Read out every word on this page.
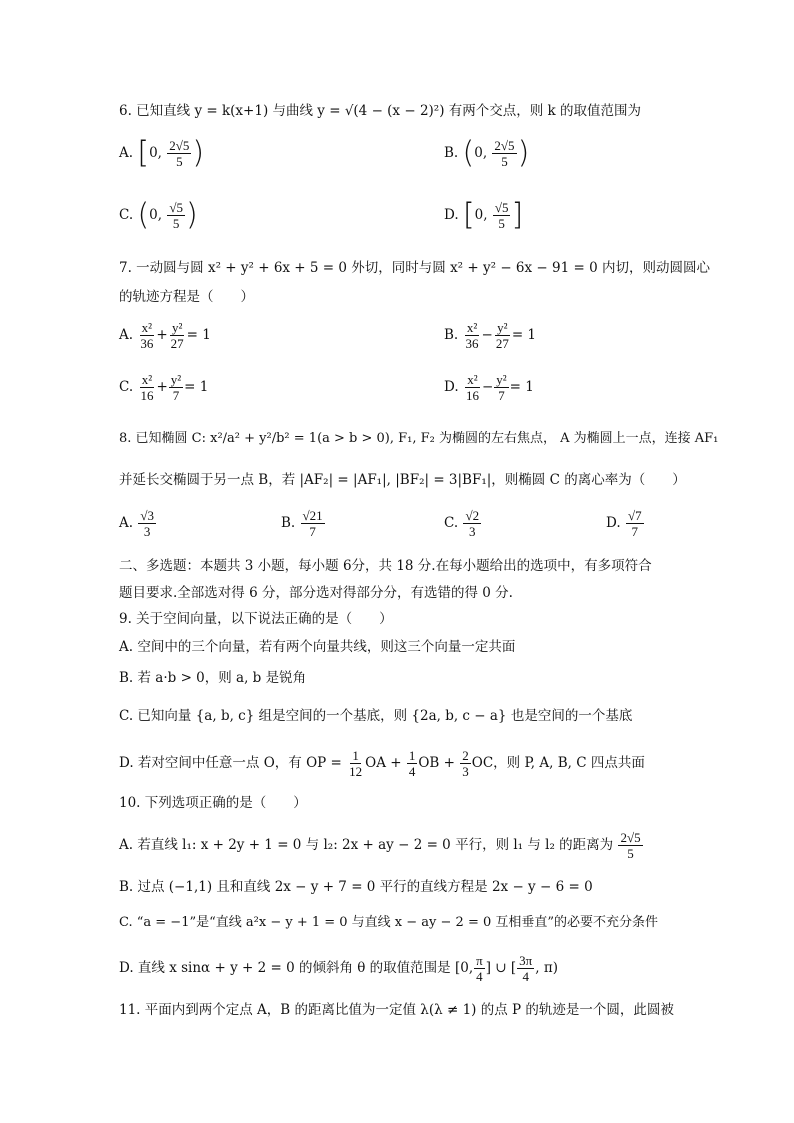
6. 已知直线 y = k(x+1) 与曲线 y = √(4 − (x − 2)²) 有两个交点，则 k 的取值范围为
A. [0, $\frac{2√5}{5}$ )	B. (0, $\frac{2√5}{5}$ )
C. (0, $\frac{√5}{5}$ )	D. [0, $\frac{√5}{5}$ ]
7. 一动圆与圆 x² + y² + 6x + 5 = 0 外切，同时与圆 x² + y² − 6x − 91 = 0 内切，则动圆圆心
的轨迹方程是（　　）
A. $\frac{\text{x²}}{36} + \frac{\text{y²}}{27} = 1$	B. $\frac{\text{x²}}{36} - \frac{\text{y²}}{27} = 1$
C. $\frac{\text{x²}}{16} + \frac{\text{y²}}{7} = 1$	D. $\frac{\text{x²}}{16} - \frac{\text{y²}}{7} = 1$
8. 已知椭圆 C: x²/a² + y²/b² = 1(a > b > 0), F₁, F₂ 为椭圆的左右焦点， A 为椭圆上一点，连接 AF₁
并延长交椭圆于另一点 B，若 |AF₂| = |AF₁|, |BF₂| = 3|BF₁|，则椭圆 C 的离心率为（　　）
A. $\frac{√3}{3}$	B. $\frac{√21}{7}$	C. $\frac{√2}{3}$	D. $\frac{√7}{7}$
二、多选题：本题共 3 小题，每小题 6分，共 18 分.在每小题给出的选项中，有多项符合
题目要求.全部选对得 6 分，部分选对得部分分，有选错的得 0 分.
9. 关于空间向量，以下说法正确的是（　　）
A. 空间中的三个向量，若有两个向量共线，则这三个向量一定共面
B. 若 a·b > 0，则 a, b 是锐角
C. 已知向量 {a, b, c} 组是空间的一个基底，则 {2a, b, c − a} 也是空间的一个基底
D. 若对空间中任意一点 O，有 OP = $\frac{1}{12}$ OA + $\frac{1}{4}$ OB + $\frac{2}{3}$ OC，则 P, A, B, C 四点共面
10. 下列选项正确的是（　　）
A. 若直线 l₁: x + 2y + 1 = 0 与 l₂: 2x + ay − 2 = 0 平行，则 l₁ 与 l₂ 的距离为 $\frac{2√5}{5}$
B. 过点 (−1,1) 且和直线 2x − y + 7 = 0 平行的直线方程是 2x − y − 6 = 0
C. “a = −1”是“直线 a²x − y + 1 = 0 与直线 x − ay − 2 = 0 互相垂直”的必要不充分条件
D. 直线 x sinα + y + 2 = 0 的倾斜角 θ 的取值范围是 [0, $\frac{\pi}{4}$ ] ∪ [ $\frac{3\pi}{4}$ , π)
11. 平面内到两个定点 A，B 的距离比值为一定值 λ(λ ≠ 1) 的点 P 的轨迹是一个圆，此圆被
